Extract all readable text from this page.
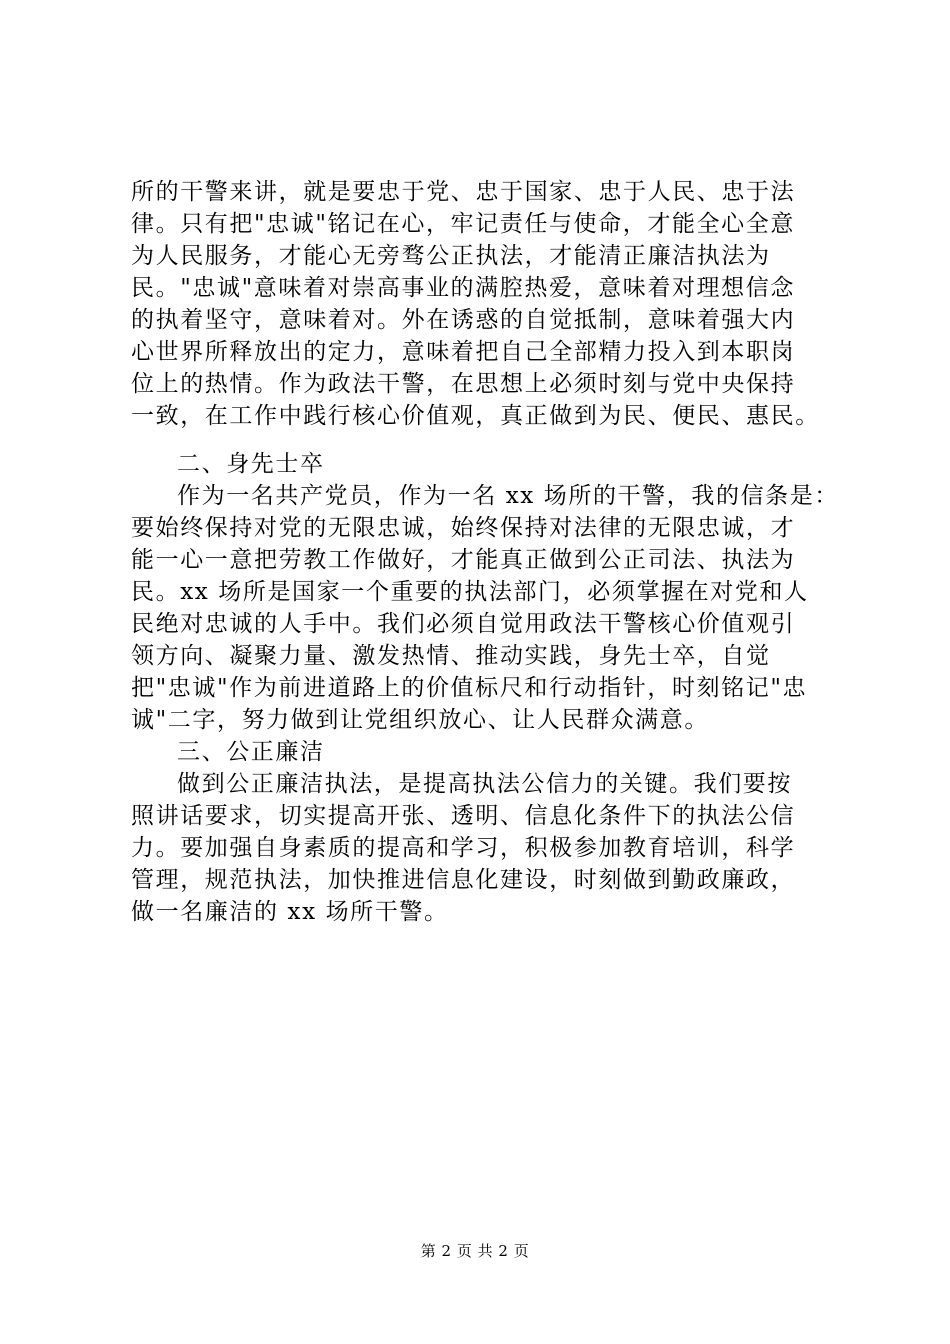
所的干警来讲，就是要忠于党、忠于国家、忠于人民、忠于法
律。只有把"忠诚"铭记在心，牢记责任与使命，才能全心全意
为人民服务，才能心无旁骛公正执法，才能清正廉洁执法为
民。"忠诚"意味着对崇高事业的满腔热爱，意味着对理想信念
的执着坚守，意味着对。外在诱惑的自觉抵制，意味着强大内
心世界所释放出的定力，意味着把自己全部精力投入到本职岗
位上的热情。作为政法干警，在思想上必须时刻与党中央保持
一致，在工作中践行核心价值观，真正做到为民、便民、惠民。
二、身先士卒
作为一名共产党员，作为一名 xx 场所的干警，我的信条是：
要始终保持对党的无限忠诚，始终保持对法律的无限忠诚，才
能一心一意把劳教工作做好，才能真正做到公正司法、执法为
民。xx 场所是国家一个重要的执法部门，必须掌握在对党和人
民绝对忠诚的人手中。我们必须自觉用政法干警核心价值观引
领方向、凝聚力量、激发热情、推动实践，身先士卒，自觉
把"忠诚"作为前进道路上的价值标尺和行动指针，时刻铭记"忠
诚"二字，努力做到让党组织放心、让人民群众满意。
三、公正廉洁
做到公正廉洁执法，是提高执法公信力的关键。我们要按
照讲话要求，切实提高开张、透明、信息化条件下的执法公信
力。要加强自身素质的提高和学习，积极参加教育培训，科学
管理，规范执法，加快推进信息化建设，时刻做到勤政廉政，
做一名廉洁的 xx 场所干警。
第 2 页 共 2 页
